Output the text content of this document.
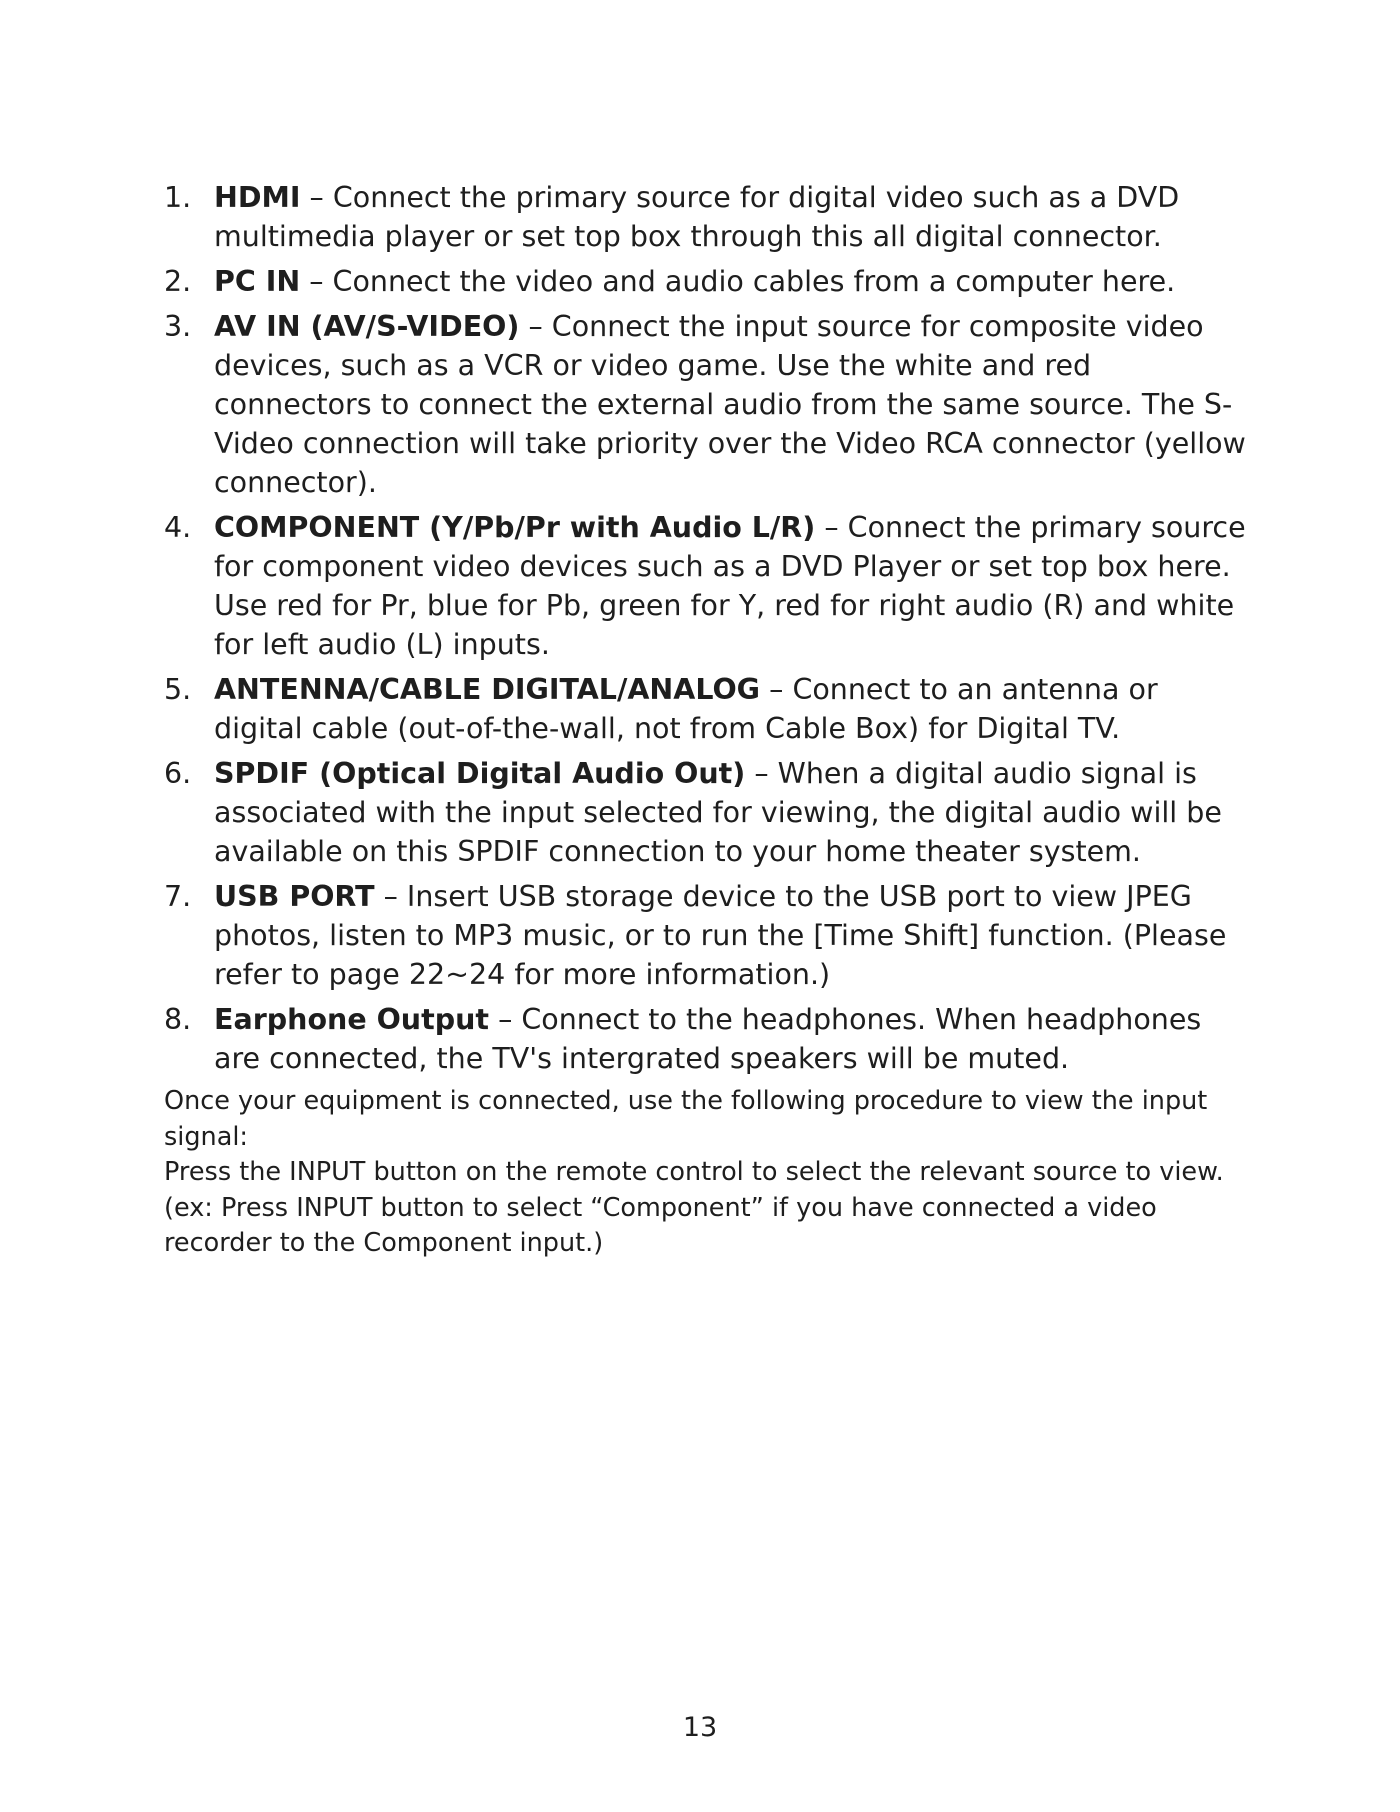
1. HDMI – Connect the primary source for digital video such as a DVD multimedia player or set top box through this all digital connector.
2. PC IN – Connect the video and audio cables from a computer here.
3. AV IN (AV/S-VIDEO) – Connect the input source for composite video devices, such as a VCR or video game. Use the white and red connectors to connect the external audio from the same source. The S-Video connection will take priority over the Video RCA connector (yellow connector).
4. COMPONENT (Y/Pb/Pr with Audio L/R) – Connect the primary source for component video devices such as a DVD Player or set top box here. Use red for Pr, blue for Pb, green for Y, red for right audio (R) and white for left audio (L) inputs.
5. ANTENNA/CABLE DIGITAL/ANALOG – Connect to an antenna or digital cable (out-of-the-wall, not from Cable Box) for Digital TV.
6. SPDIF (Optical Digital Audio Out) – When a digital audio signal is associated with the input selected for viewing, the digital audio will be available on this SPDIF connection to your home theater system.
7. USB PORT – Insert USB storage device to the USB port to view JPEG photos, listen to MP3 music, or to run the [Time Shift] function. (Please refer to page 22~24 for more information.)
8. Earphone Output – Connect to the headphones. When headphones are connected, the TV's intergrated speakers will be muted.

Once your equipment is connected, use the following procedure to view the input signal:

Press the INPUT button on the remote control to select the relevant source to view.

(ex: Press INPUT button to select “Component” if you have connected a video recorder to the Component input.)

13
